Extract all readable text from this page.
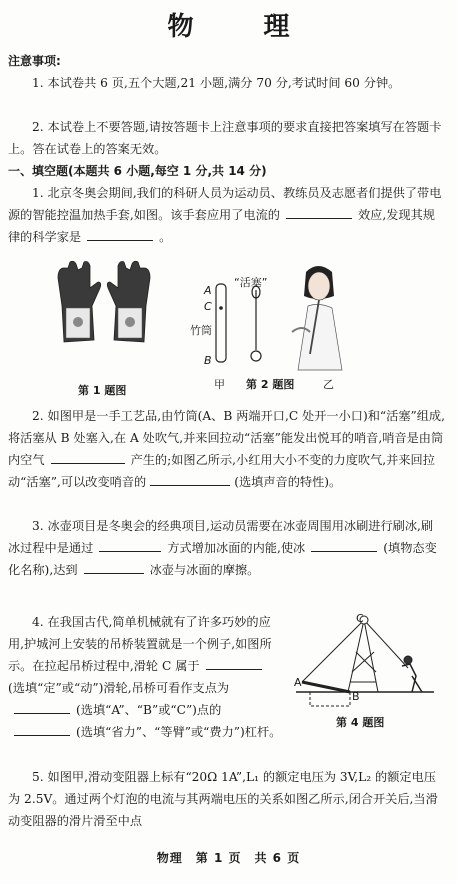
物　理

注意事项:

1. 本试卷共 6 页,五个大题,21 小题,满分 70 分,考试时间 60 分钟。

2. 本试卷上不要答题,请按答题卡上注意事项的要求直接把答案填写在答题卡上。答在试卷上的答案无效。

一、填空题(本题共 6 小题,每空 1 分,共 14 分)

1. 北京冬奥会期间,我们的科研人员为运动员、教练员及志愿者们提供了带电源的智能控温加热手套,如图。该手套应用了电流的	效应,发现其规律的科学家是	。

第 1 题图
A
C
竹筒
B
“活塞”
甲	乙
第 2 题图

2. 如图甲是一手工艺品,由竹筒(A、B 两端开口,C 处开一小口)和“活塞”组成,将活塞从 B 处塞入,在 A 处吹气,并来回拉动“活塞”能发出悦耳的哨音,哨音是由筒内空气	产生的;如图乙所示,小红用大小不变的力度吹气,并来回拉动“活塞”,可以改变哨音的	(选填声音的特性)。

3. 冰壶项目是冬奥会的经典项目,运动员需要在冰壶周围用冰刷进行刷冰,刷冰过程中是通过	方式增加冰面的内能,使冰	(填物态变化名称),达到	冰壶与冰面的摩擦。

4. 在我国古代,简单机械就有了许多巧妙的应用,护城河上安装的吊桥装置就是一个例子,如图所示。在拉起吊桥过程中,滑轮 C 属于(选填“定”或“动”)滑轮,吊桥可看作支点为(选填“A”、“B”或“C”)点的(选填“省力”、“等臂”或“费力”)杠杆。

C
A
B
第 4 题图

5. 如图甲,滑动变阻器上标有“20Ω 1A”,L₁ 的额定电压为 3V,L₂ 的额定电压为 2.5V。通过两个灯泡的电流与其两端电压的关系如图乙所示,闭合开关后,当滑动变阻器的滑片滑至中点

物理　第 1 页　共 6 页
